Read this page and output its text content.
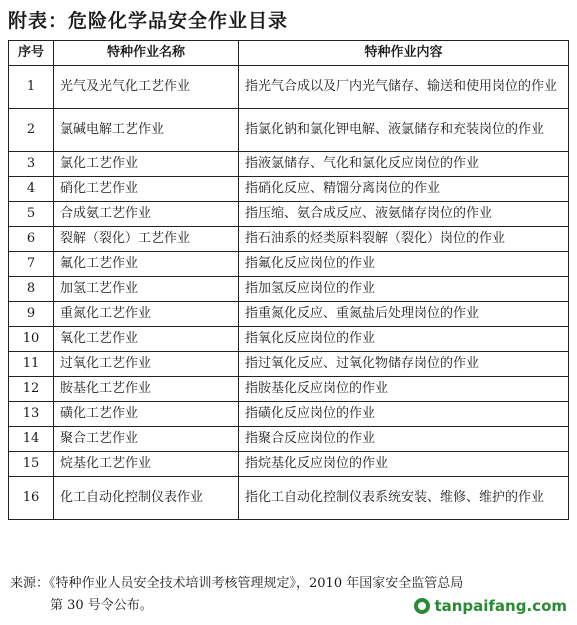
附表：危险化学品安全作业目录
序号	特种作业名称	特种作业内容
1	光气及光气化工艺作业	指光气合成以及厂内光气储存、输送和使用岗位的作业
2	氯碱电解工艺作业	指氯化钠和氯化钾电解、液氯储存和充装岗位的作业
3	氯化工艺作业	指液氯储存、气化和氯化反应岗位的作业
4	硝化工艺作业	指硝化反应、精馏分离岗位的作业
5	合成氨工艺作业	指压缩、氨合成反应、液氨储存岗位的作业
6	裂解（裂化）工艺作业	指石油系的烃类原料裂解（裂化）岗位的作业
7	氟化工艺作业	指氟化反应岗位的作业
8	加氢工艺作业	指加氢反应岗位的作业
9	重氮化工艺作业	指重氮化反应、重氮盐后处理岗位的作业
10	氧化工艺作业	指氧化反应岗位的作业
11	过氧化工艺作业	指过氧化反应、过氧化物储存岗位的作业
12	胺基化工艺作业	指胺基化反应岗位的作业
13	磺化工艺作业	指磺化反应岗位的作业
14	聚合工艺作业	指聚合反应岗位的作业
15	烷基化工艺作业	指烷基化反应岗位的作业
16	化工自动化控制仪表作业	指化工自动化控制仪表系统安装、维修、维护的作业
来源：《特种作业人员安全技术培训考核管理规定》，2010 年国家安全监管总局
第 30 号令公布。	tanpaifang.com
